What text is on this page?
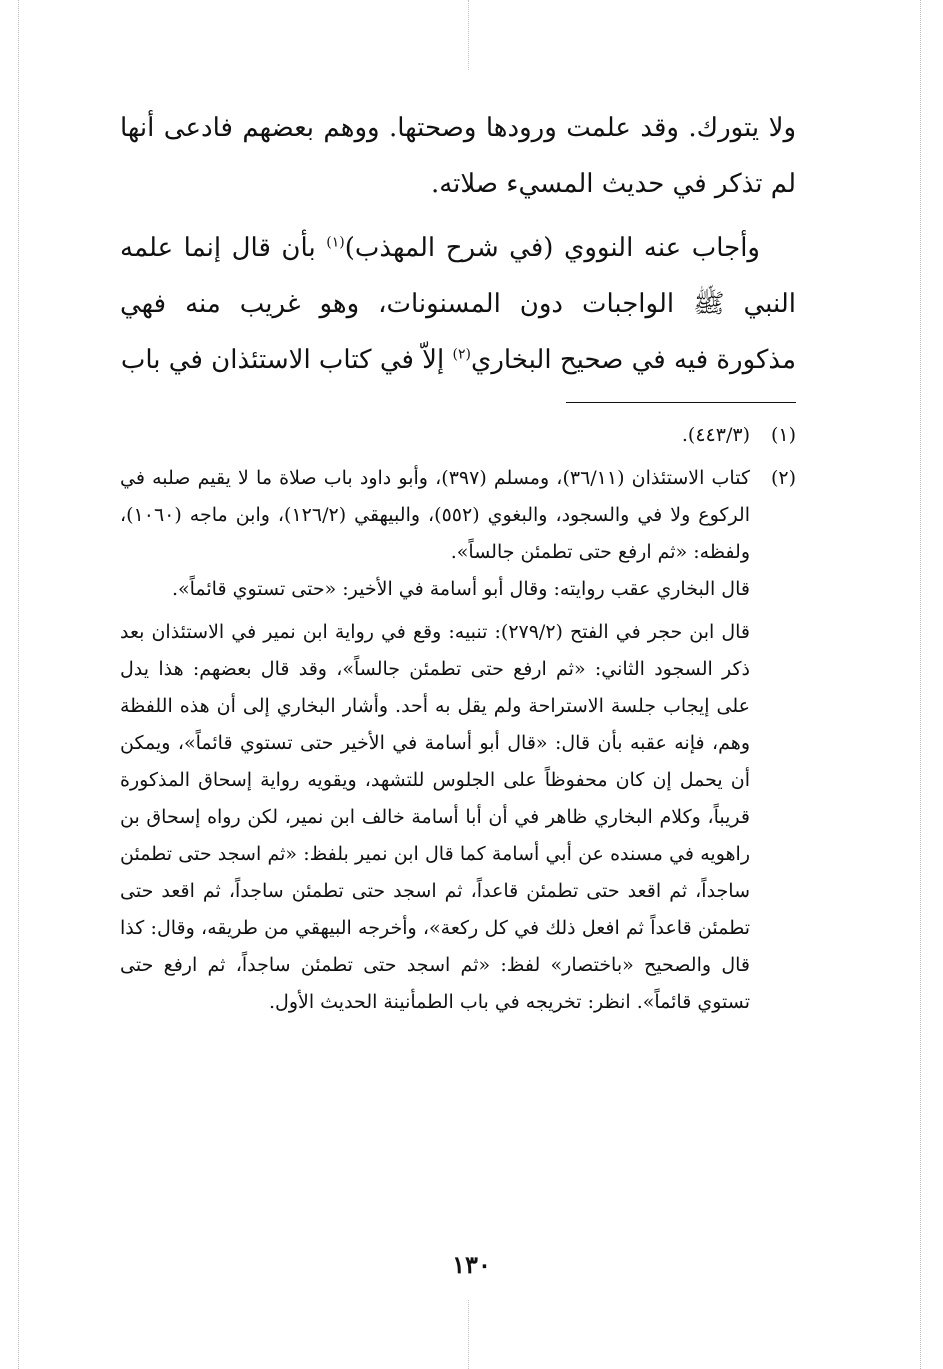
ولا يتورك. وقد علمت ورودها وصحتها. ووهم بعضهم فادعى أنها لم تذكر في حديث المسيء صلاته.

وأجاب عنه النووي (في شرح المهذب)$^{(١)}$ بأن قال إنما علمه النبي ﷺ الواجبات دون المسنونات، وهو غريب منه فهي مذكورة فيه في صحيح البخاري$^{(٢)}$ إلاّ في كتاب الاستئذان في باب

(١)
(٤٤٣/٣).

(٢)
كتاب الاستئذان (٣٦/١١)، ومسلم (٣٩٧)، وأبو داود باب صلاة ما لا يقيم صلبه في الركوع ولا في والسجود، والبغوي (٥٥٢)، والبيهقي (١٢٦/٢)، وابن ماجه (١٠٦٠)، ولفظه: «ثم ارفع حتى تطمئن جالساً».
قال البخاري عقب روايته: وقال أبو أسامة في الأخير: «حتى تستوي قائماً».
قال ابن حجر في الفتح (٢٧٩/٢): تنبيه: وقع في رواية ابن نمير في الاستئذان بعد ذكر السجود الثاني: «ثم ارفع حتى تطمئن جالساً»، وقد قال بعضهم: هذا يدل على إيجاب جلسة الاستراحة ولم يقل به أحد. وأشار البخاري إلى أن هذه اللفظة وهم، فإنه عقبه بأن قال: «قال أبو أسامة في الأخير حتى تستوي قائماً»، ويمكن أن يحمل إن كان محفوظاً على الجلوس للتشهد، ويقويه رواية إسحاق المذكورة قريباً، وكلام البخاري ظاهر في أن أبا أسامة خالف ابن نمير، لكن رواه إسحاق بن راهويه في مسنده عن أبي أسامة كما قال ابن نمير بلفظ: «ثم اسجد حتى تطمئن ساجداً، ثم اقعد حتى تطمئن قاعداً، ثم اسجد حتى تطمئن ساجداً، ثم اقعد حتى تطمئن قاعداً ثم افعل ذلك في كل ركعة»، وأخرجه البيهقي من طريقه، وقال: كذا قال والصحيح «باختصار» لفظ: «ثم اسجد حتى تطمئن ساجداً، ثم ارفع حتى تستوي قائماً». انظر: تخريجه في باب الطمأنينة الحديث الأول.

١٣٠
